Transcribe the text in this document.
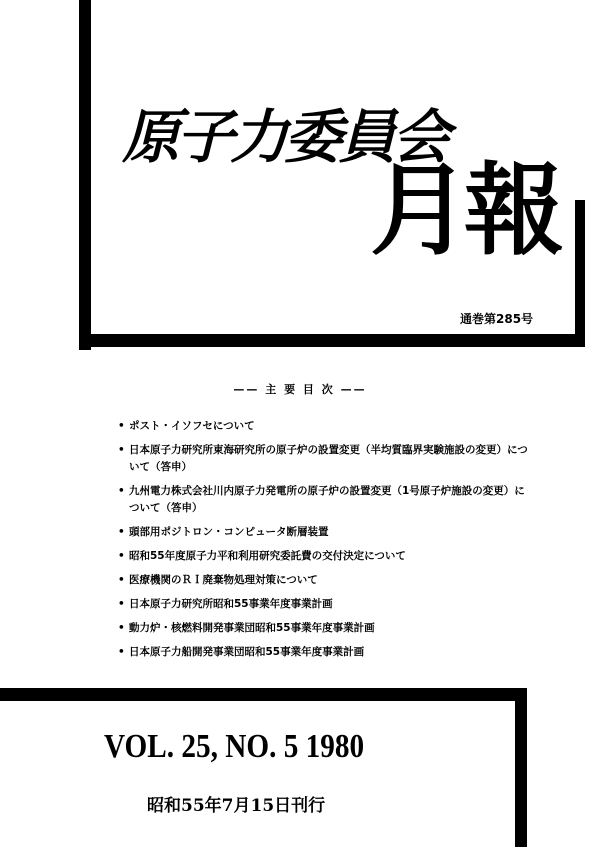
原子力委員会
月報
通巻第285号
—— 主 要 目 次 ——
• ポスト・イソフセについて
• 日本原子力研究所東海研究所の原子炉の設置変更（半均質臨界実験施設の変更）について（答申）
• 九州電力株式会社川内原子力発電所の原子炉の設置変更（1号原子炉施設の変更）について（答申）
• 頭部用ポジトロン・コンピュータ断層装置
• 昭和55年度原子力平和利用研究委託費の交付決定について
• 医療機関のＲＩ廃棄物処理対策について
• 日本原子力研究所昭和55事業年度事業計画
• 動力炉・核燃料開発事業団昭和55事業年度事業計画
• 日本原子力船開発事業団昭和55事業年度事業計画
VOL. 25, NO. 5 1980
昭和55年7月15日刊行
